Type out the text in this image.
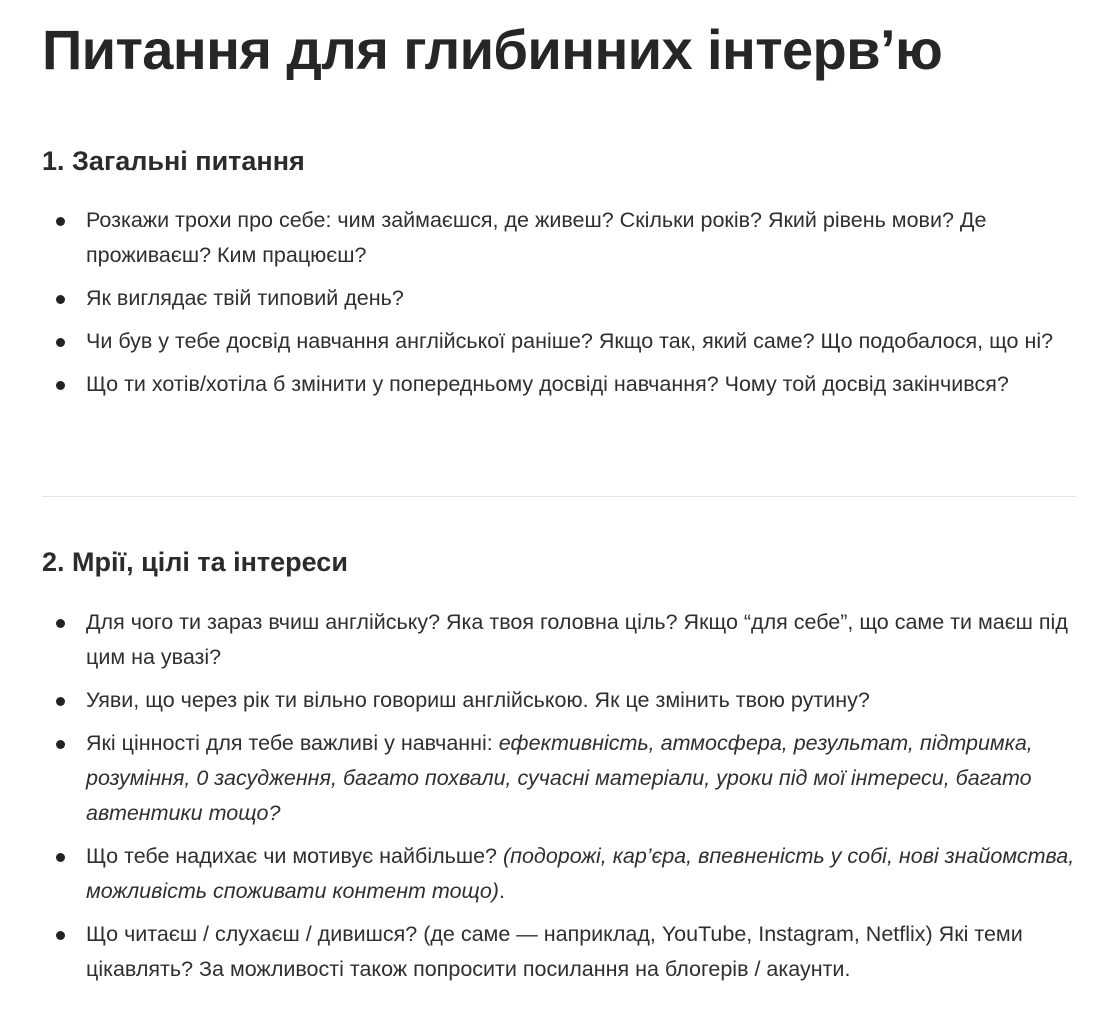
Питання для глибинних інтерв’ю
1. Загальні питання
Розкажи трохи про себе: чим займаєшся, де живеш? Скільки років? Який рівень мови? Де проживаєш? Ким працюєш?
Як виглядає твій типовий день?
Чи був у тебе досвід навчання англійської раніше? Якщо так, який саме? Що подобалося, що ні?
Що ти хотів/хотіла б змінити у попередньому досвіді навчання? Чому той досвід закінчився?
2. Мрії, цілі та інтереси
Для чого ти зараз вчиш англійську? Яка твоя головна ціль? Якщо “для себе”, що саме ти маєш під цим на увазі?
Уяви, що через рік ти вільно говориш англійською. Як це змінить твою рутину?
Які цінності для тебе важливі у навчанні: ефективність, атмосфера, результат, підтримка, розуміння, 0 засудження, багато похвали, сучасні матеріали, уроки під мої інтереси, багато автентики тощо?
Що тебе надихає чи мотивує найбільше? (подорожі, кар’єра, впевненість у собі, нові знайомства, можливість споживати контент тощо).
Що читаєш / слухаєш / дивишся? (де саме — наприклад, YouTube, Instagram, Netflix) Які теми цікавлять? За можливості також попросити посилання на блогерів / акаунти.
